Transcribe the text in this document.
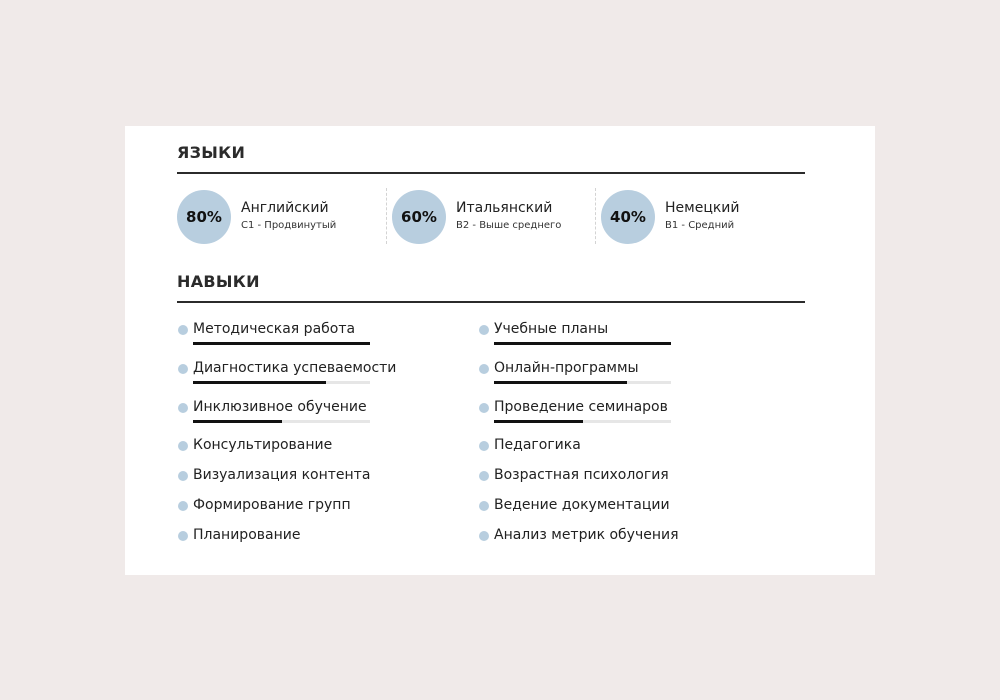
ЯЗЫКИ
80%	Английский
C1 - Продвинутый	60%	Итальянский
B2 - Выше среднего	40%	Немецкий
B1 - Средний
НАВЫКИ
Методическая работа
Диагностика успеваемости
Инклюзивное обучение
Консультирование
Визуализация контента
Формирование групп
Планирование
Учебные планы
Онлайн-программы
Проведение семинаров
Педагогика
Возрастная психология
Ведение документации
Анализ метрик обучения
